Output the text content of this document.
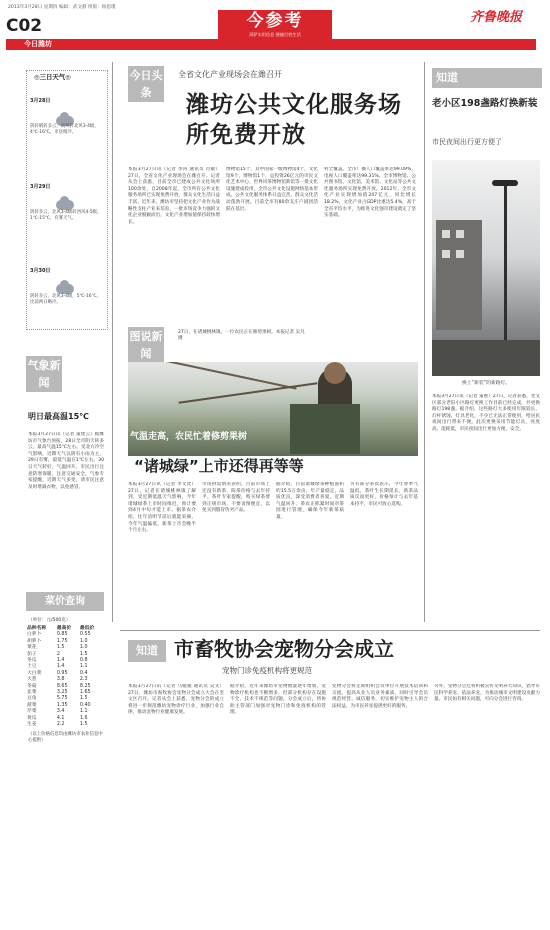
2013年3月28日 星期四 编辑：武文静 组版：杨思瑾
C02
今日潍坊
今参考
菏萨实用信息 便捷百姓生活
齐鲁晚报
◎三日天气◎
3月28日
阴转晴转多云，南风转北风3-4级，4℃-16℃，市县稍冷。
3月29日
阴转多云，北风3-4级转西风4-5级，1℃-15℃，有雾天气。
3月30日
阴转多云，北风3-4级，5℃-16℃，比前两日略冷。
气象新闻
明日最高温15℃
本报3月27日讯（记者 董建云）据潍坊市气象台预报，28日全市阴天转多云，最高气温15℃左右。受北方冷空气影响，近期天气以阴有小雨为主，29日有雾，最低气温在1℃左右。30日天气转好，气温回升，市民出行注意防寒保暖，注意交通安全。气象专家提醒，近期天气多变，请市民注意及时增减衣物，以免感冒。
菜价查询
（单位：元/500克）
品种名称	最高价	最低价
白萝卜	0.85	0.55
胡萝卜	1.75	1.0
菜花	1.5	1.0
茄子	2	1.5
冬瓜	1.4	0.8
土豆	1.4	1.1
大白菜	0.95	0.4
大葱	3.8	2.3
冬菇	8.65	8.25
韭菜	3.25	1.65
豆角	5.75	1.5
菠菜	1.35	0.40
芹菜	3.4	1.1
黄瓜	4.1	1.6
生姜	2.2	1.5
（以上价格信息均由潍坊市农业信息中心提供）
今日头条
全省文化产业现场会在潍召开
潍坊公共文化服务场所免费开放
本报3月27日讯（记者 李涛 通讯员 肖敏）27日，全省文化产业现场会在潍召开。记者从会上获悉，目前全市已建成公共文化场所100余处，自2008年起，全市所有公共文化服务场所已实现免费开放，群众文化生活日益丰富。近年来，潍坊市坚持把文化产业作为战略性支柱产业来培育，一批市场竞争力强的文化企业脱颖而出，文化产业增加值保持较快增长。
博物馆15个，其中国家一级博物馆4个，文化馆9个，博物馆1个，总投资26亿元的市民文化艺术中心、世界风筝博物馆新馆等一批文化设施建成投用，全市公共文化设施网络基本形成。公共文化服务体系日益完善，群众文化活动蓬勃开展。目前全市有80余支庄户剧团活跃在基层。
村全覆盖。全市广播人口覆盖率达99.09%，电视人口覆盖率达99.31%。全市博物馆、公共图书馆、文化馆、美术馆、文化站等公共文化服务场所实现免费开放。2012年，全市文化产业实现增加值247亿元，同比增长18.2%，文化产业占GDP比重达5.4%，高于全省平均水平，为推进文化强市建设奠定了坚实基础。
图说新闻
27日，在诸城桃林镇，一位农民正在修剪果树。本报记者 吴凡 摄
气温走高，农民忙着修剪果树
“诸城绿”上市还得再等等
本报3月27日讯（记者 李文萱）27日，记者在诸城桃林镇了解到，受近期低温天气影响，今年诸城绿茶上市时间推迟，预计要到4月中旬才能上市。据茶农介绍，往年清明节前后就能采摘，今年气温偏低，新茶上市会晚半个月左右。
市场供需情况表明，目前市场上还没有新茶，陈茶价格与去年持平。茶叶专家提醒，购买绿茶要到正规市场，不要贪图便宜，以免买到假冒伪劣产品。
据介绍，目前诸城绿茶种植面积约15.5万余亩，年产量稳定，品质优良，深受消费者喜爱。近期气温回升，茶农正抓紧时间对茶园进行管理，确保今年新茶质量。
另有部分茶农表示，今年春季气温低，茶叶生长期延长，新茶品质反而更好，价格预计与去年基本持平，市民可放心选购。
知道
老小区198盏路灯换新装
市民夜间出行更方便了
换上“新装”的新路灯。
本报3月27日讯（记者 董惠）27日，记者获悉，奎文区部分老旧小区路灯更换工作目前已经完成，共更换路灯198盏。据介绍，这些路灯大多使用年限较长，灯杆锈蚀、灯具老化，不少已无法正常使用，给居民夜间出行带来不便。此次更换采用节能灯具，亮度高、能耗低，市民夜间出行更加方便、安全。
知道 市畜牧协会宠物分会成立
宠物门诊免疫机构将更规范
本报3月27日讯（记者 马媛媛 通讯员 吴文）27日，潍坊市畜牧协会宠物分会成立大会在奎文区召开。记者从会上获悉，宠物分会的成立将进一步规范潍坊宠物诊疗行业，加强行业自律，推动宠物行业健康发展。
据介绍，近年来潍坊市宠物数量逐年增加，宠物诊疗机构也不断增多，但部分机构存在设施不全、技术不规范等问题。分会成立后，将协助主管部门加强对宠物门诊和免疫机构的管理。
宠物分会将定期组织会员单位开展技术培训和交流，提高从业人员业务素质，同时引导会员规范经营、诚信服务，切实维护宠物主人的合法权益，为市民养宠提供更好的服务。
另外，宠物分会还将积极宣传文明养犬知识，倡导市民科学养宠、依法养宠，为推动城市文明建设贡献力量。市民如有相关问题，可向分会进行咨询。
